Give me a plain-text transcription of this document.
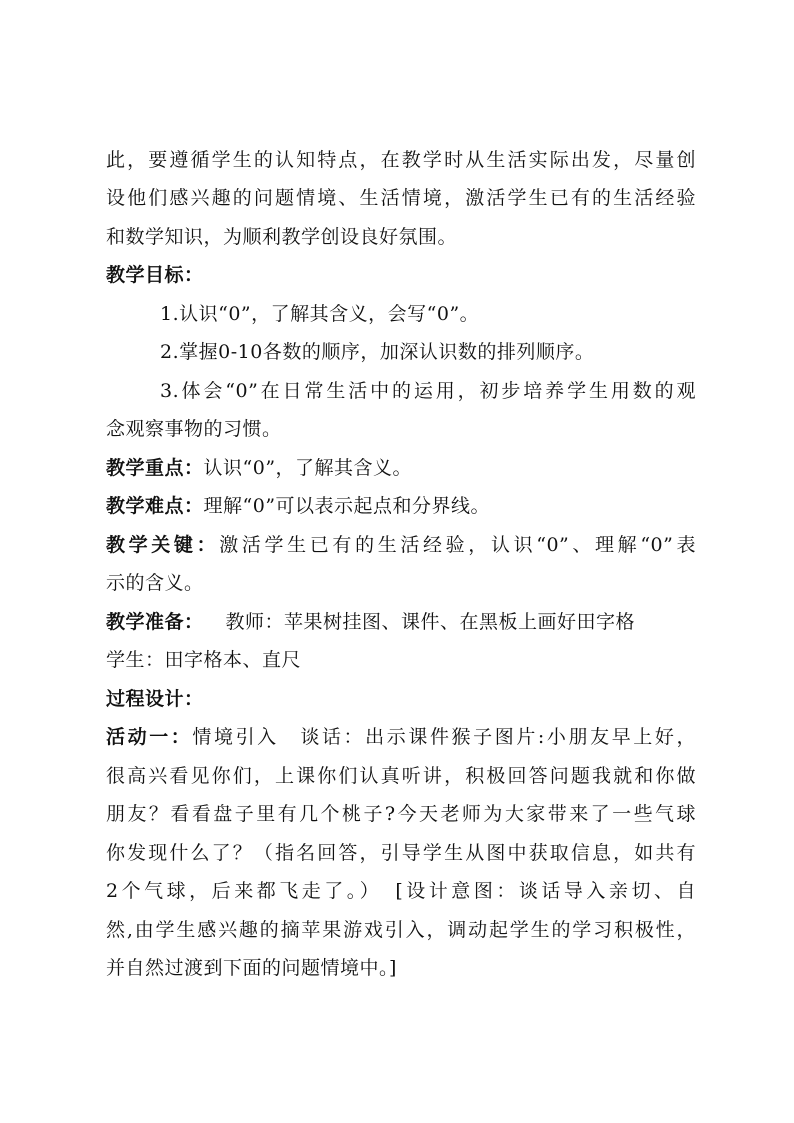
此，要遵循学生的认知特点，在教学时从生活实际出发，尽量创
设他们感兴趣的问题情境、生活情境，激活学生已有的生活经验
和数学知识，为顺利教学创设良好氛围。
教学目标：
1.认识“0”，了解其含义，会写“0”。
2.掌握0-10各数的顺序，加深认识数的排列顺序。
3.体会“0”在日常生活中的运用，初步培养学生用数的观
念观察事物的习惯。
教学重点：认识“0”，了解其含义。
教学难点：理解“0”可以表示起点和分界线。
教学关键：激活学生已有的生活经验，认识“0”、理解“0”表
示的含义。
教学准备： 教师：苹果树挂图、课件、在黑板上画好田字格
学生：田字格本、直尺
过程设计：
活动一：情境引入　谈话：出示课件猴子图片:小朋友早上好，
很高兴看见你们，上课你们认真听讲，积极回答问题我就和你做
朋友？看看盘子里有几个桃子?今天老师为大家带来了一些气球
你发现什么了？（指名回答，引导学生从图中获取信息，如共有
2个气球，后来都飞走了。）　[设计意图：谈话导入亲切、自
然,由学生感兴趣的摘苹果游戏引入，调动起学生的学习积极性，
并自然过渡到下面的问题情境中。]
